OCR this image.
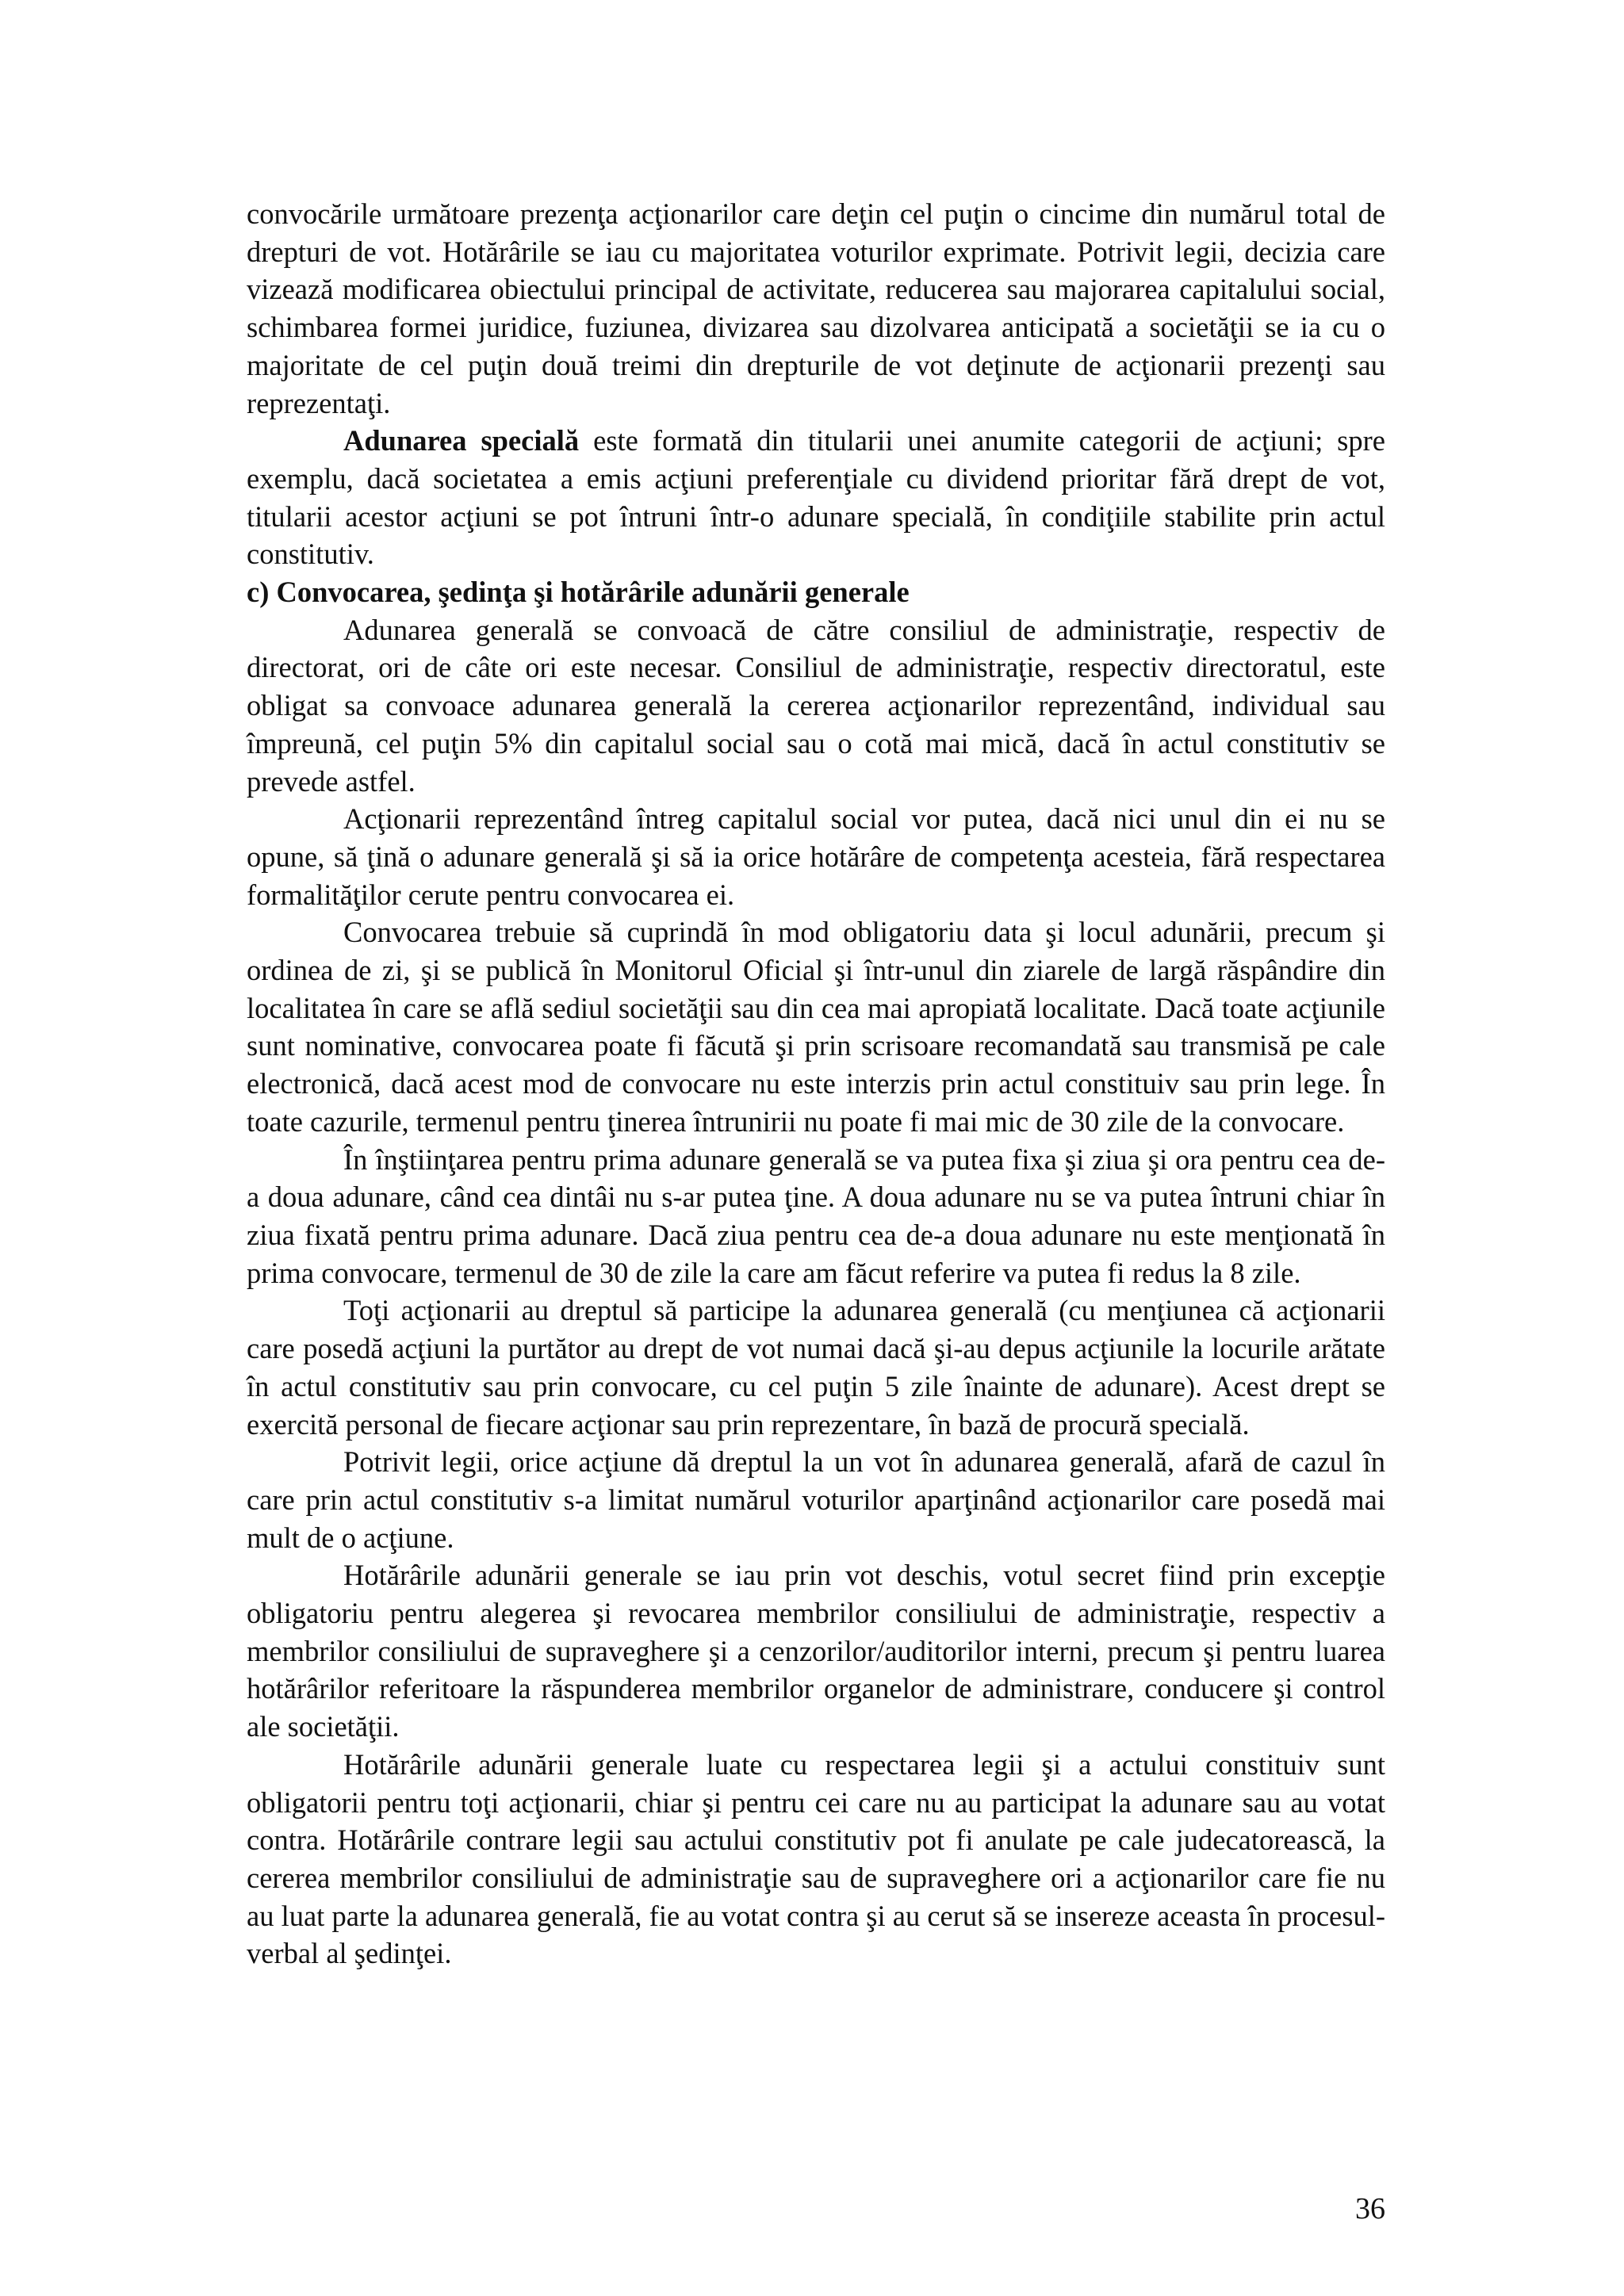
convocările următoare prezenţa acţionarilor care deţin cel puţin o cincime din numărul total de drepturi de vot. Hotărârile se iau cu majoritatea voturilor exprimate. Potrivit legii, decizia care vizează modificarea obiectului principal de activitate, reducerea sau majorarea capitalului social, schimbarea formei juridice, fuziunea, divizarea sau dizolvarea anticipată a societăţii se ia cu o majoritate de cel puţin două treimi din drepturile de vot deţinute de acţionarii prezenţi sau reprezentaţi.

Adunarea specială este formată din titularii unei anumite categorii de acţiuni; spre exemplu, dacă societatea a emis acţiuni preferenţiale cu dividend prioritar fără drept de vot, titularii acestor acţiuni se pot întruni într-o adunare specială, în condiţiile stabilite prin actul constitutiv.

c) Convocarea, şedinţa şi hotărârile adunării generale

Adunarea generală se convoacă de către consiliul de administraţie, respectiv de directorat, ori de câte ori este necesar. Consiliul de administraţie, respectiv directoratul, este obligat sa convoace adunarea generală la cererea acţionarilor reprezentând, individual sau împreună, cel puţin 5% din capitalul social sau o cotă mai mică, dacă în actul constitutiv se prevede astfel.

Acţionarii reprezentând întreg capitalul social vor putea, dacă nici unul din ei nu se opune, să ţină o adunare generală şi să ia orice hotărâre de competenţa acesteia, fără respectarea formalităţilor cerute pentru convocarea ei.

Convocarea trebuie să cuprindă în mod obligatoriu data şi locul adunării, precum şi ordinea de zi, şi se publică în Monitorul Oficial şi într-unul din ziarele de largă răspândire din localitatea în care se află sediul societăţii sau din cea mai apropiată localitate. Dacă toate acţiunile sunt nominative, convocarea poate fi făcută şi prin scrisoare recomandată sau transmisă pe cale electronică, dacă acest mod de convocare nu este interzis prin actul constituiv sau prin lege. În toate cazurile, termenul pentru ţinerea întrunirii nu poate fi mai mic de 30 zile de la convocare.

În înştiinţarea pentru prima adunare generală se va putea fixa şi ziua şi ora pentru cea de-a doua adunare, când cea dintâi nu s-ar putea ţine. A doua adunare nu se va putea întruni chiar în ziua fixată pentru prima adunare. Dacă ziua pentru cea de-a doua adunare nu este menţionată în prima convocare, termenul de 30 de zile la care am făcut referire va putea fi redus la 8 zile.

Toţi acţionarii au dreptul să participe la adunarea generală (cu menţiunea că acţionarii care posedă acţiuni la purtător au drept de vot numai dacă şi-au depus acţiunile la locurile arătate în actul constitutiv sau prin convocare, cu cel puţin 5 zile înainte de adunare). Acest drept se exercită personal de fiecare acţionar sau prin reprezentare, în bază de procură specială.

Potrivit legii, orice acţiune dă dreptul la un vot în adunarea generală, afară de cazul în care prin actul constitutiv s-a limitat numărul voturilor aparţinând acţionarilor care posedă mai mult de o acţiune.

Hotărârile adunării generale se iau prin vot deschis, votul secret fiind prin excepţie obligatoriu pentru alegerea şi revocarea membrilor consiliului de administraţie, respectiv a membrilor consiliului de supraveghere şi a cenzorilor/auditorilor interni, precum şi pentru luarea hotărârilor referitoare la răspunderea membrilor organelor de administrare, conducere şi control ale societăţii.

Hotărârile adunării generale luate cu respectarea legii şi a actului constituiv sunt obligatorii pentru toţi acţionarii, chiar şi pentru cei care nu au participat la adunare sau au votat contra. Hotărârile contrare legii sau actului constitutiv pot fi anulate pe cale judecatorească, la cererea membrilor consiliului de administraţie sau de supraveghere ori a acţionarilor care fie nu au luat parte la adunarea generală, fie au votat contra şi au cerut să se insereze aceasta în procesul-verbal al şedinţei.

36
